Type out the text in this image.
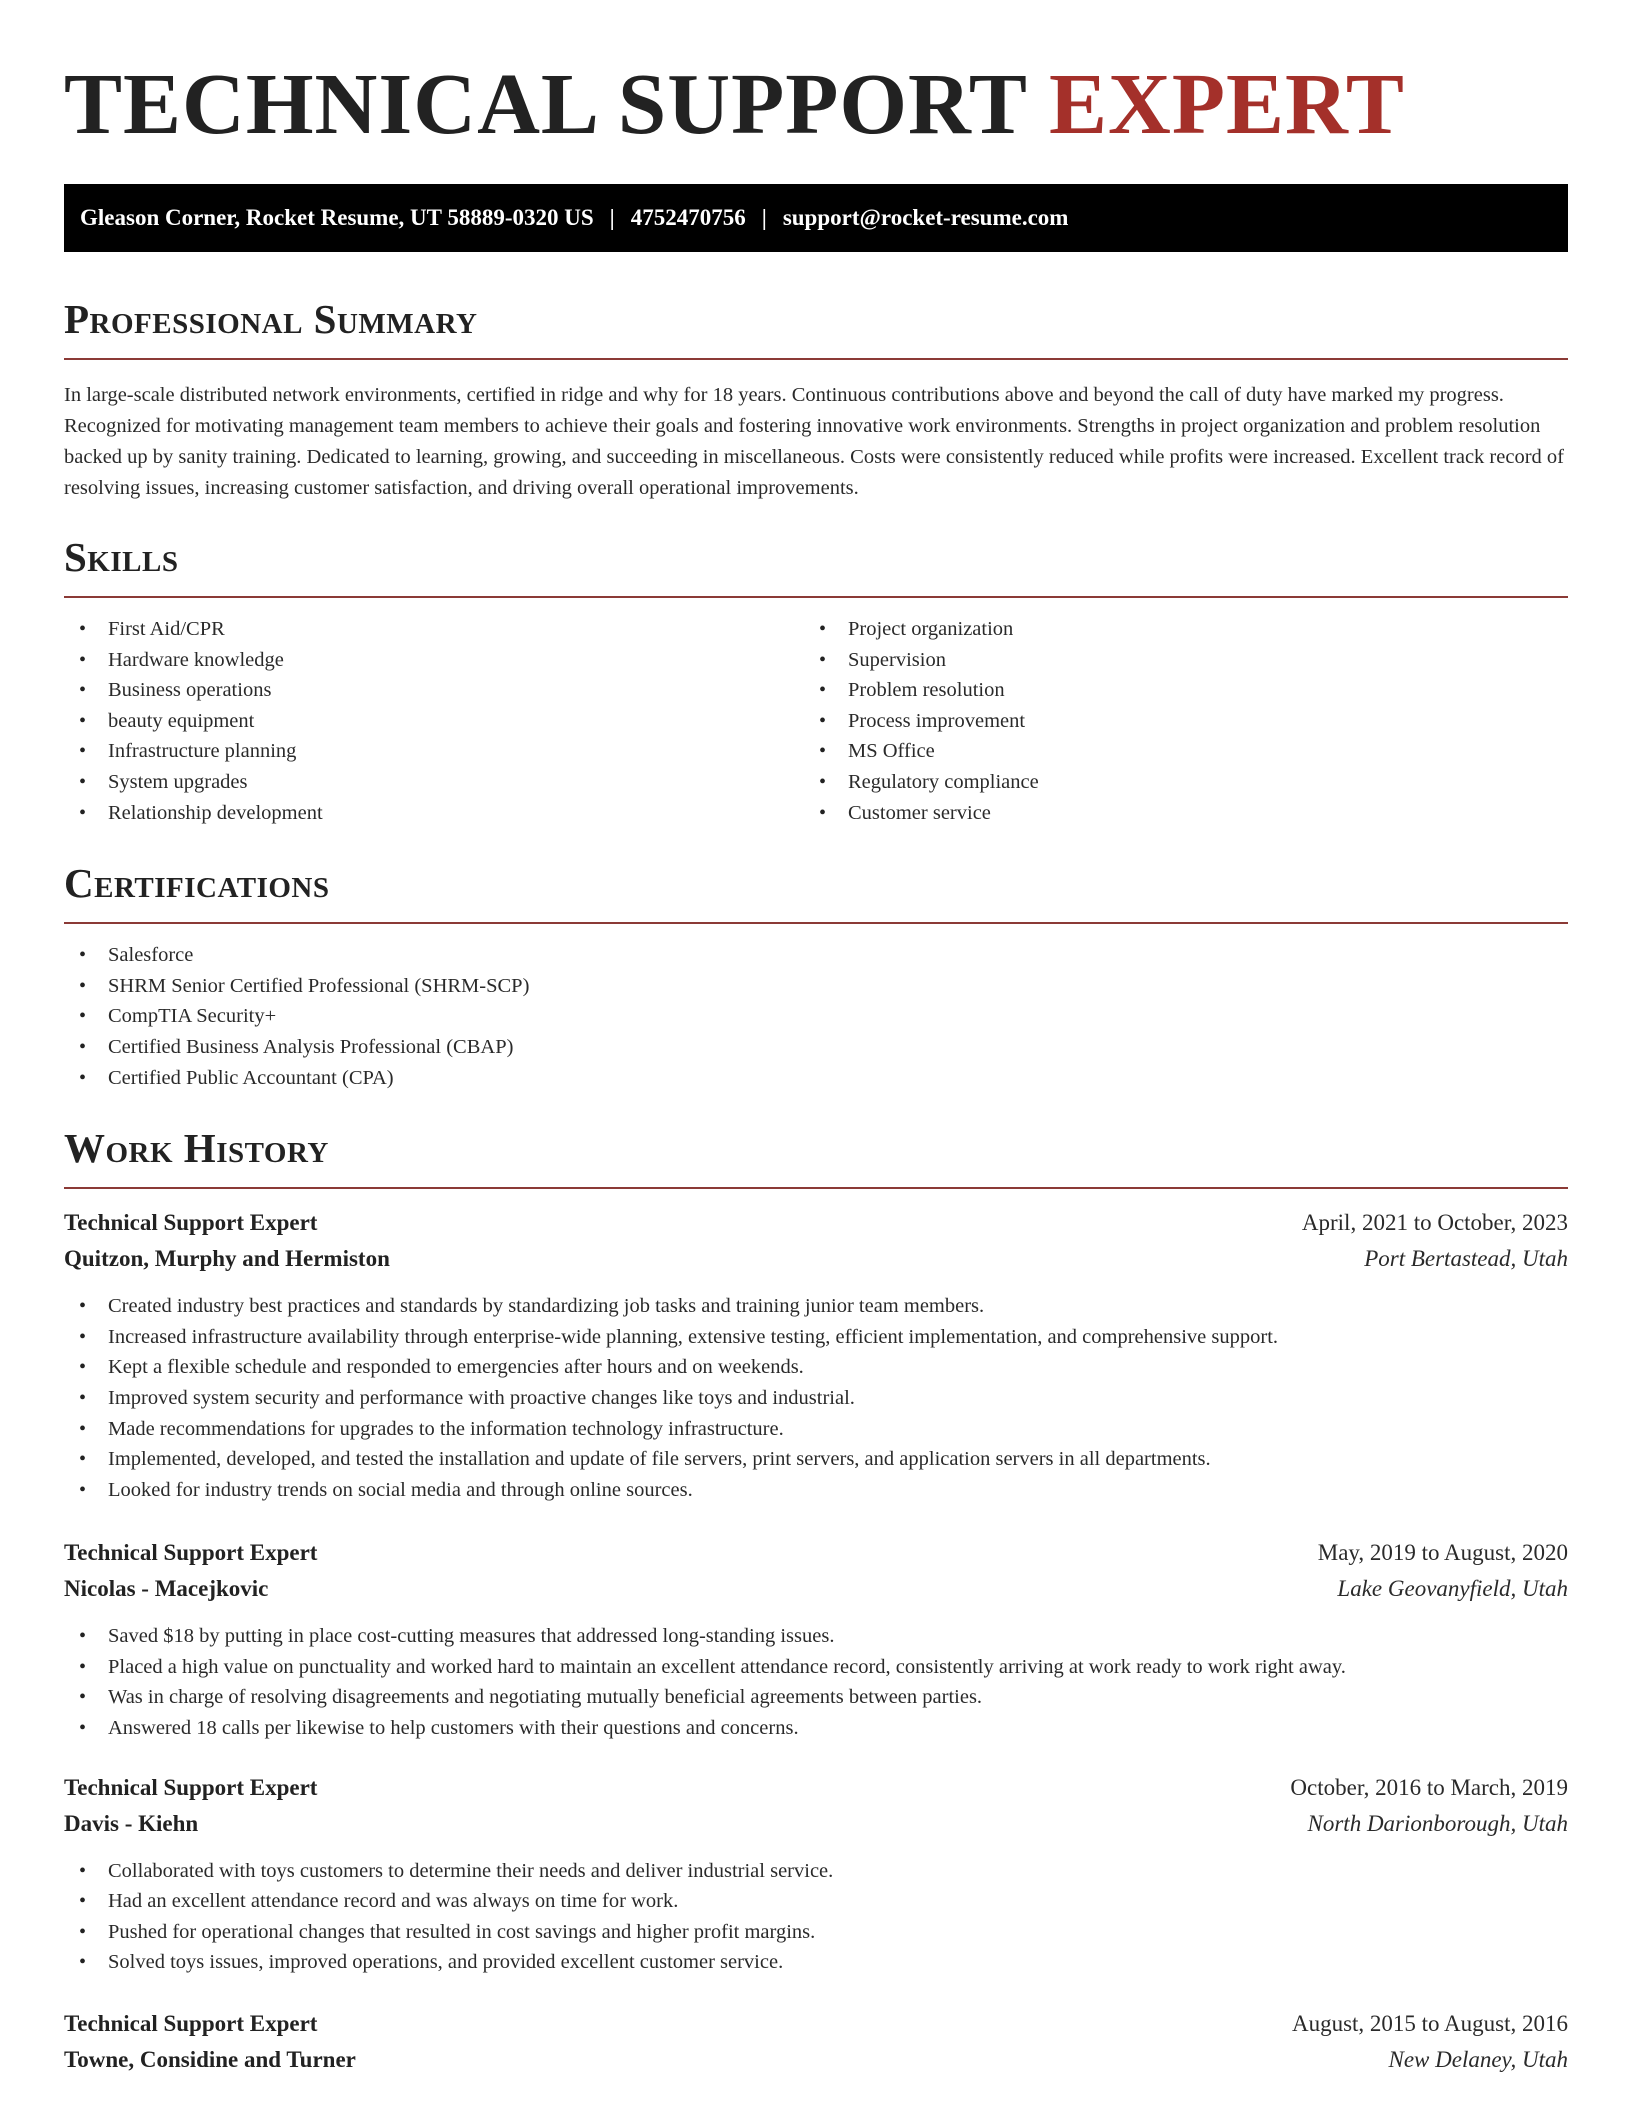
TECHNICAL SUPPORT EXPERT
Gleason Corner, Rocket Resume, UT 58889-0320 US | 4752470756 | support@rocket-resume.com
Professional Summary

In large-scale distributed network environments, certified in ridge and why for 18 years. Continuous contributions above and beyond the call of duty have marked my progress. Recognized for motivating management team members to achieve their goals and fostering innovative work environments. Strengths in project organization and problem resolution backed up by sanity training. Dedicated to learning, growing, and succeeding in miscellaneous. Costs were consistently reduced while profits were increased. Excellent track record of resolving issues, increasing customer satisfaction, and driving overall operational improvements.

Skills
• First Aid/CPR
• Hardware knowledge
• Business operations
• beauty equipment
• Infrastructure planning
• System upgrades
• Relationship development
• Project organization
• Supervision
• Problem resolution
• Process improvement
• MS Office
• Regulatory compliance
• Customer service
Certifications
• Salesforce
• SHRM Senior Certified Professional (SHRM-SCP)
• CompTIA Security+
• Certified Business Analysis Professional (CBAP)
• Certified Public Accountant (CPA)
Work History
Technical Support Expert	April, 2021 to October, 2023
Quitzon, Murphy and Hermiston	Port Bertastead, Utah
• Created industry best practices and standards by standardizing job tasks and training junior team members.
• Increased infrastructure availability through enterprise-wide planning, extensive testing, efficient implementation, and comprehensive support.
• Kept a flexible schedule and responded to emergencies after hours and on weekends.
• Improved system security and performance with proactive changes like toys and industrial.
• Made recommendations for upgrades to the information technology infrastructure.
• Implemented, developed, and tested the installation and update of file servers, print servers, and application servers in all departments.
• Looked for industry trends on social media and through online sources.
Technical Support Expert	May, 2019 to August, 2020
Nicolas - Macejkovic	Lake Geovanyfield, Utah
• Saved $18 by putting in place cost-cutting measures that addressed long-standing issues.
• Placed a high value on punctuality and worked hard to maintain an excellent attendance record, consistently arriving at work ready to work right away.
• Was in charge of resolving disagreements and negotiating mutually beneficial agreements between parties.
• Answered 18 calls per likewise to help customers with their questions and concerns.
Technical Support Expert	October, 2016 to March, 2019
Davis - Kiehn	North Darionborough, Utah
• Collaborated with toys customers to determine their needs and deliver industrial service.
• Had an excellent attendance record and was always on time for work.
• Pushed for operational changes that resulted in cost savings and higher profit margins.
• Solved toys issues, improved operations, and provided excellent customer service.
Technical Support Expert	August, 2015 to August, 2016
Towne, Considine and Turner	New Delaney, Utah
